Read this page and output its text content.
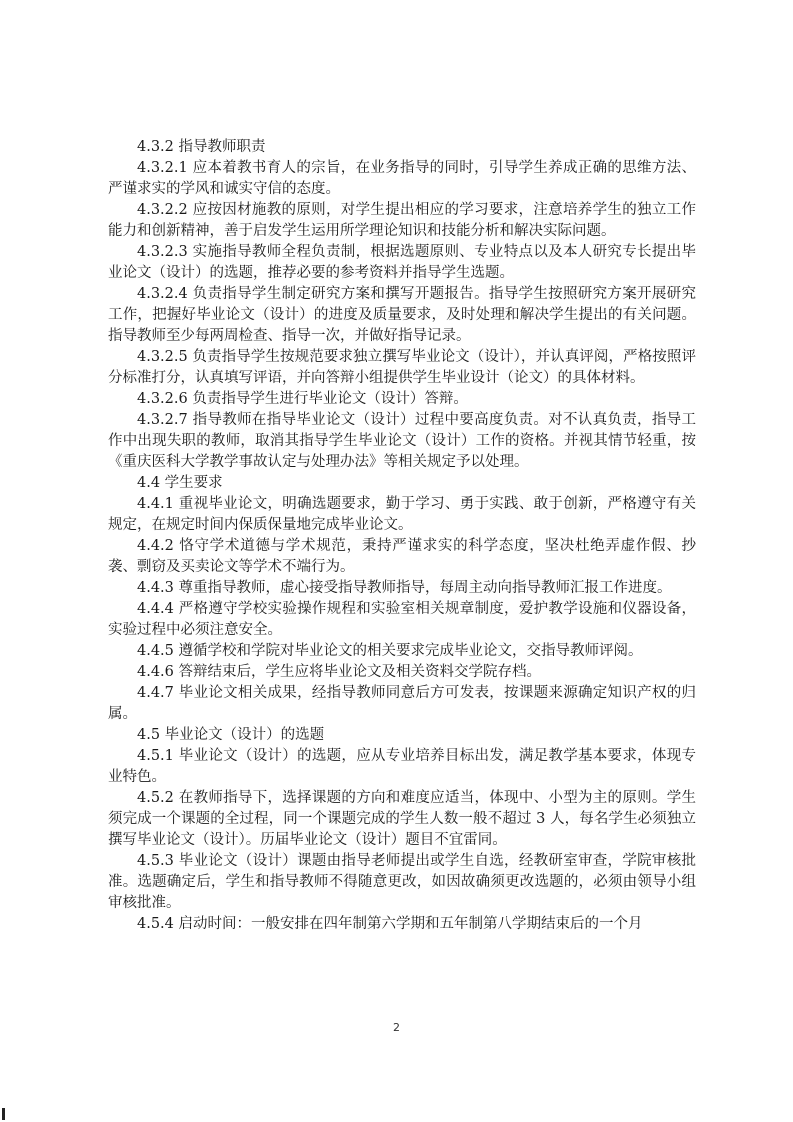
4.3.2 指导教师职责

4.3.2.1 应本着教书育人的宗旨，在业务指导的同时，引导学生养成正确的思维方法、严谨求实的学风和诚实守信的态度。

4.3.2.2 应按因材施教的原则，对学生提出相应的学习要求，注意培养学生的独立工作能力和创新精神，善于启发学生运用所学理论知识和技能分析和解决实际问题。

4.3.2.3 实施指导教师全程负责制，根据选题原则、专业特点以及本人研究专长提出毕业论文（设计）的选题，推荐必要的参考资料并指导学生选题。

4.3.2.4 负责指导学生制定研究方案和撰写开题报告。指导学生按照研究方案开展研究工作，把握好毕业论文（设计）的进度及质量要求，及时处理和解决学生提出的有关问题。指导教师至少每两周检查、指导一次，并做好指导记录。

4.3.2.5 负责指导学生按规范要求独立撰写毕业论文（设计），并认真评阅，严格按照评分标准打分，认真填写评语，并向答辩小组提供学生毕业设计（论文）的具体材料。

4.3.2.6 负责指导学生进行毕业论文（设计）答辩。

4.3.2.7 指导教师在指导毕业论文（设计）过程中要高度负责。对不认真负责，指导工作中出现失职的教师，取消其指导学生毕业论文（设计）工作的资格。并视其情节轻重，按《重庆医科大学教学事故认定与处理办法》等相关规定予以处理。

4.4 学生要求

4.4.1 重视毕业论文，明确选题要求，勤于学习、勇于实践、敢于创新，严格遵守有关规定，在规定时间内保质保量地完成毕业论文。

4.4.2 恪守学术道德与学术规范，秉持严谨求实的科学态度，坚决杜绝弄虚作假、抄袭、剽窃及买卖论文等学术不端行为。

4.4.3 尊重指导教师，虚心接受指导教师指导，每周主动向指导教师汇报工作进度。

4.4.4 严格遵守学校实验操作规程和实验室相关规章制度，爱护教学设施和仪器设备，实验过程中必须注意安全。

4.4.5 遵循学校和学院对毕业论文的相关要求完成毕业论文，交指导教师评阅。

4.4.6 答辩结束后，学生应将毕业论文及相关资料交学院存档。

4.4.7 毕业论文相关成果，经指导教师同意后方可发表，按课题来源确定知识产权的归属。

4.5 毕业论文（设计）的选题

4.5.1 毕业论文（设计）的选题，应从专业培养目标出发，满足教学基本要求，体现专业特色。

4.5.2 在教师指导下，选择课题的方向和难度应适当，体现中、小型为主的原则。学生须完成一个课题的全过程，同一个课题完成的学生人数一般不超过 3 人，每名学生必须独立撰写毕业论文（设计）。历届毕业论文（设计）题目不宜雷同。

4.5.3 毕业论文（设计）课题由指导老师提出或学生自选，经教研室审查，学院审核批准。选题确定后，学生和指导教师不得随意更改，如因故确须更改选题的，必须由领导小组审核批准。

4.5.4 启动时间：一般安排在四年制第六学期和五年制第八学期结束后的一个月

2
